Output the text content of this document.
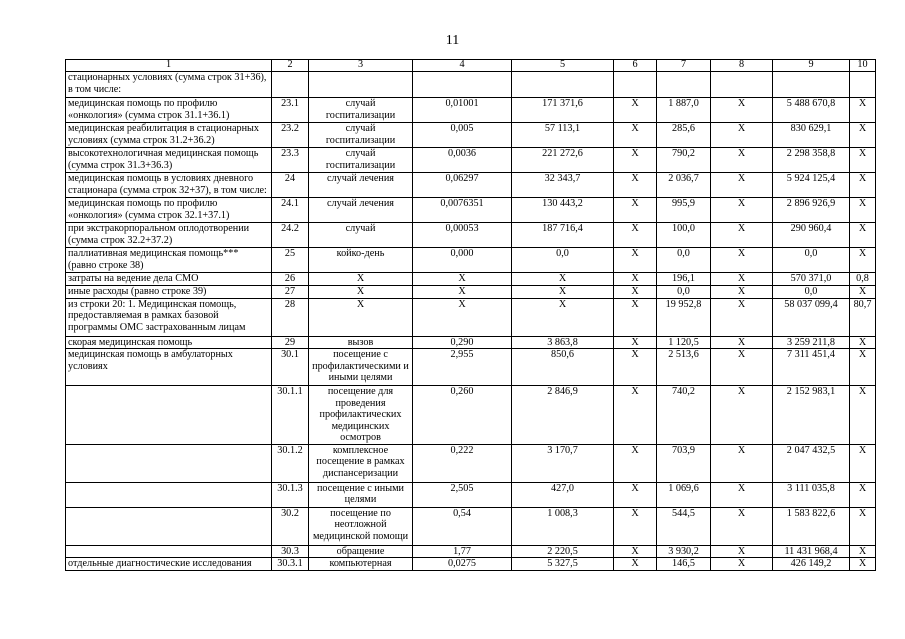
11
1	2	3	4	5	6	7	8	9	10
стационарных условиях (сумма строк 31+36), в том числе:									
медицинская помощь по профилю «онкология» (сумма строк 31.1+36.1)	23.1	случай госпитализации	0,01001	171 371,6	X	1 887,0	X	5 488 670,8	X
медицинская реабилитация в стационарных условиях (сумма строк 31.2+36.2)	23.2	случай госпитализации	0,005	57 113,1	X	285,6	X	830 629,1	X
высокотехнологичная медицинская помощь (сумма строк 31.3+36.3)	23.3	случай госпитализации	0,0036	221 272,6	X	790,2	X	2 298 358,8	X
медицинская помощь в условиях дневного стационара (сумма строк 32+37), в том числе:	24	случай лечения	0,06297	32 343,7	X	2 036,7	X	5 924 125,4	X
медицинская помощь по профилю «онкология» (сумма строк 32.1+37.1)	24.1	случай лечения	0,0076351	130 443,2	X	995,9	X	2 896 926,9	X
при экстракорпоральном оплодотворении (сумма строк 32.2+37.2)	24.2	случай	0,00053	187 716,4	X	100,0	X	290 960,4	X
паллиативная медицинская помощь*** (равно строке 38)	25	койко-день	0,000	0,0	X	0,0	X	0,0	X
затраты на ведение дела СМО	26	X	X	X	X	196,1	X	570 371,0	0,8
иные расходы (равно строке 39)	27	X	X	X	X	0,0	X	0,0	X
из строки 20: 1. Медицинская помощь, предоставляемая в рамках базовой программы ОМС застрахованным лицам	28	X	X	X	X	19 952,8	X	58 037 099,4	80,7
скорая медицинская помощь	29	вызов	0,290	3 863,8	X	1 120,5	X	3 259 211,8	X
медицинская помощь в амбулаторных условиях	30.1	посещение с профилактическими и иными целями	2,955	850,6	X	2 513,6	X	7 311 451,4	X
	30.1.1	посещение для проведения профилактических медицинских осмотров	0,260	2 846,9	X	740,2	X	2 152 983,1	X
	30.1.2	комплексное посещение в рамках диспансеризации	0,222	3 170,7	X	703,9	X	2 047 432,5	X
	30.1.3	посещение с иными целями	2,505	427,0	X	1 069,6	X	3 111 035,8	X
	30.2	посещение по неотложной медицинской помощи	0,54	1 008,3	X	544,5	X	1 583 822,6	X
	30.3	обращение	1,77	2 220,5	X	3 930,2	X	11 431 968,4	X
отдельные диагностические исследования	30.3.1	компьютерная	0,0275	5 327,5	X	146,5	X	426 149,2	X
